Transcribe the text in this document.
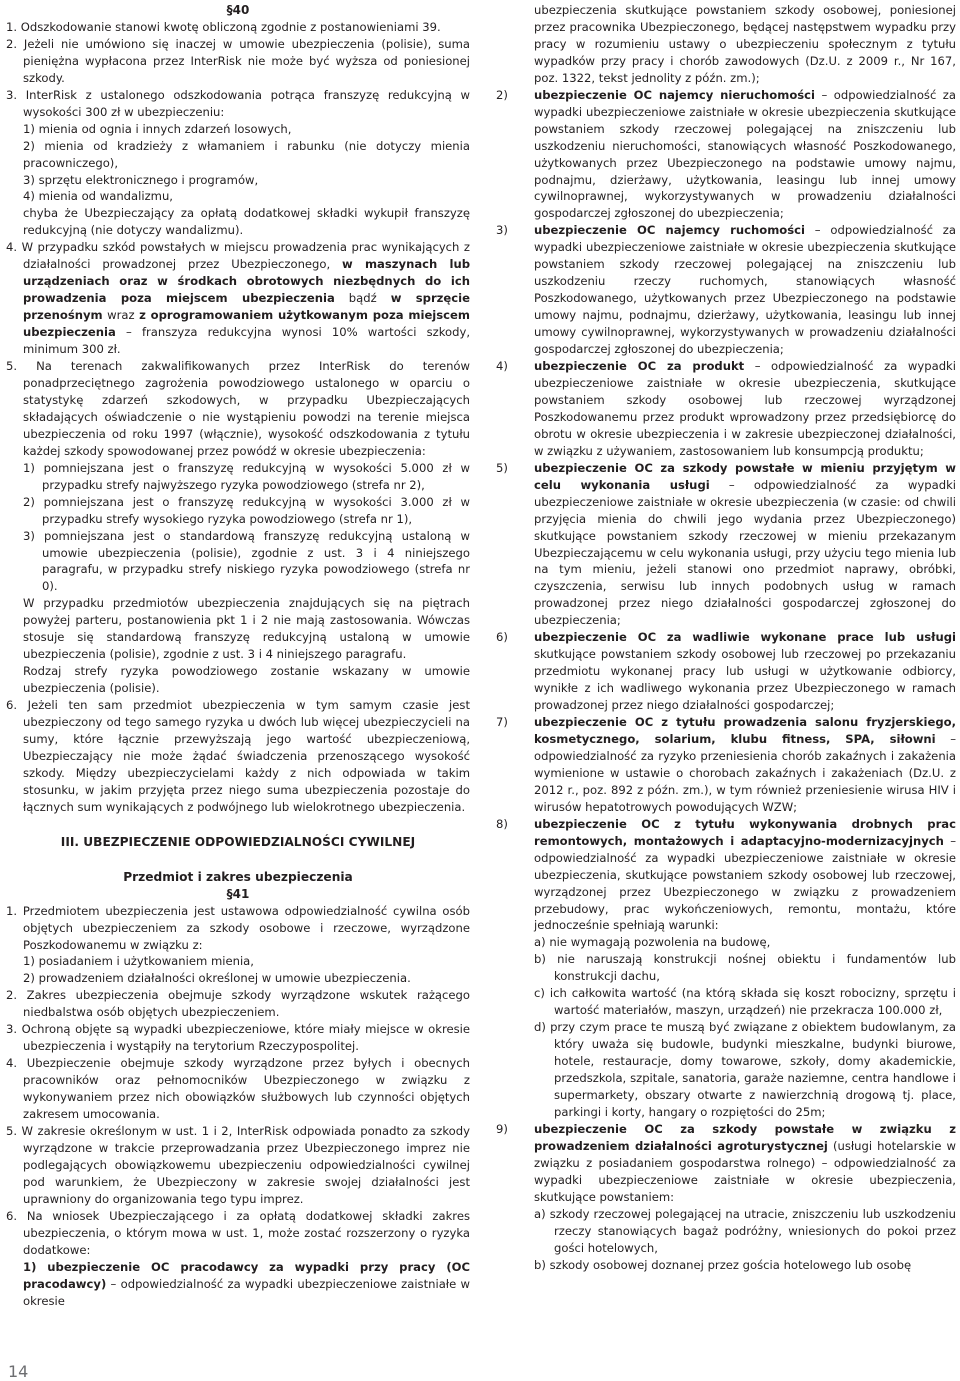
§40

1. Odszkodowanie stanowi kwotę obliczoną zgodnie z postanowieniami 39.

2. Jeżeli nie umówiono się inaczej w umowie ubezpieczenia (polisie), suma pieniężna wypłacona przez InterRisk nie może być wyższa od poniesionej szkody.

3. InterRisk z ustalonego odszkodowania potrąca franszyzę redukcyjną w wysokości 300 zł w ubezpieczeniu:

1) mienia od ognia i innych zdarzeń losowych,

2) mienia od kradzieży z włamaniem i rabunku (nie dotyczy mienia pracowniczego),

3) sprzętu elektronicznego i programów,

4) mienia od wandalizmu,

chyba że Ubezpieczający za opłatą dodatkowej składki wykupił franszyzę redukcyjną (nie dotyczy wandalizmu).

4. W przypadku szkód powstałych w miejscu prowadzenia prac wynikających z działalności prowadzonej przez Ubezpieczonego, w maszynach lub urządzeniach oraz w środkach obrotowych niezbędnych do ich prowadzenia poza miejscem ubezpieczenia bądź w sprzęcie przenośnym wraz z oprogramowaniem użytkowanym poza miejscem ubezpieczenia – franszyza redukcyjna wynosi 10% wartości szkody, minimum 300 zł.

5. Na terenach zakwalifikowanych przez InterRisk do terenów ponadprzeciętnego zagrożenia powodziowego ustalonego w oparciu o statystykę zdarzeń szkodowych, w przypadku Ubezpieczających składających oświadczenie o nie wystąpieniu powodzi na terenie miejsca ubezpieczenia od roku 1997 (włącznie), wysokość odszkodowania z tytułu każdej szkody spowodowanej przez powódź w okresie ubezpieczenia:

1) pomniejszana jest o franszyzę redukcyjną w wysokości 5.000 zł w przypadku strefy najwyższego ryzyka powodziowego (strefa nr 2),

2) pomniejszana jest o franszyzę redukcyjną w wysokości 3.000 zł w przypadku strefy wysokiego ryzyka powodziowego (strefa nr 1),

3) pomniejszana jest o standardową franszyzę redukcyjną ustaloną w umowie ubezpieczenia (polisie), zgodnie z ust. 3 i 4 niniejszego paragrafu, w przypadku strefy niskiego ryzyka powodziowego (strefa nr 0).

W przypadku przedmiotów ubezpieczenia znajdujących się na piętrach powyżej parteru, postanowienia pkt 1 i 2 nie mają zastosowania. Wówczas stosuje się standardową franszyzę redukcyjną ustaloną w umowie ubezpieczenia (polisie), zgodnie z ust. 3 i 4 niniejszego paragrafu.

Rodzaj strefy ryzyka powodziowego zostanie wskazany w umowie ubezpieczenia (polisie).

6. Jeżeli ten sam przedmiot ubezpieczenia w tym samym czasie jest ubezpieczony od tego samego ryzyka u dwóch lub więcej ubezpieczycieli na sumy, które łącznie przewyższają jego wartość ubezpieczeniową, Ubezpieczający nie może żądać świadczenia przenoszącego wysokość szkody. Między ubezpieczycielami każdy z nich odpowiada w takim stosunku, w jakim przyjęta przez niego suma ubezpieczenia pozostaje do łącznych sum wynikających z podwójnego lub wielokrotnego ubezpieczenia.

III. UBEZPIECZENIE ODPOWIEDZIALNOŚCI CYWILNEJ

Przedmiot i zakres ubezpieczenia

§41

1. Przedmiotem ubezpieczenia jest ustawowa odpowiedzialność cywilna osób objętych ubezpieczeniem za szkody osobowe i rzeczowe, wyrządzone Poszkodowanemu w związku z:

1) posiadaniem i użytkowaniem mienia,

2) prowadzeniem działalności określonej w umowie ubezpieczenia.

2. Zakres ubezpieczenia obejmuje szkody wyrządzone wskutek rażącego niedbalstwa osób objętych ubezpieczeniem.

3. Ochroną objęte są wypadki ubezpieczeniowe, które miały miejsce w okresie ubezpieczenia i wystąpiły na terytorium Rzeczypospolitej.

4. Ubezpieczenie obejmuje szkody wyrządzone przez byłych i obecnych pracowników oraz pełnomocników Ubezpieczonego w związku z wykonywaniem przez nich obowiązków służbowych lub czynności objętych zakresem umocowania.

5. W zakresie określonym w ust. 1 i 2, InterRisk odpowiada ponadto za szkody wyrządzone w trakcie przeprowadzania przez Ubezpieczonego imprez nie podlegających obowiązkowemu ubezpieczeniu odpowiedzialności cywilnej pod warunkiem, że Ubezpieczony w zakresie swojej działalności jest uprawniony do organizowania tego typu imprez.

6. Na wniosek Ubezpieczającego i za opłatą dodatkowej składki zakres ubezpieczenia, o którym mowa w ust. 1, może zostać rozszerzony o ryzyka dodatkowe:

1) ubezpieczenie OC pracodawcy za wypadki przy pracy (OC pracodawcy) – odpowiedzialność za wypadki ubezpieczeniowe zaistniałe w okresie

ubezpieczenia skutkujące powstaniem szkody osobowej, poniesionej przez pracownika Ubezpieczonego, będącej następstwem wypadku przy pracy w rozumieniu ustawy o ubezpieczeniu społecznym z tytułu wypadków przy pracy i chorób zawodowych (Dz.U. z 2009 r., Nr 167, poz. 1322, tekst jednolity z późn. zm.);

2) ubezpieczenie OC najemcy nieruchomości – odpowiedzialność za wypadki ubezpieczeniowe zaistniałe w okresie ubezpieczenia skutkujące powstaniem szkody rzeczowej polegającej na zniszczeniu lub uszkodzeniu nieruchomości, stanowiących własność Poszkodowanego, użytkowanych przez Ubezpieczonego na podstawie umowy najmu, podnajmu, dzierżawy, użytkowania, leasingu lub innej umowy cywilnoprawnej, wykorzystywanych w prowadzeniu działalności gospodarczej zgłoszonej do ubezpieczenia;

3) ubezpieczenie OC najemcy ruchomości – odpowiedzialność za wypadki ubezpieczeniowe zaistniałe w okresie ubezpieczenia skutkujące powstaniem szkody rzeczowej polegającej na zniszczeniu lub uszkodzeniu rzeczy ruchomych, stanowiących własność Poszkodowanego, użytkowanych przez Ubezpieczonego na podstawie umowy najmu, podnajmu, dzierżawy, użytkowania, leasingu lub innej umowy cywilnoprawnej, wykorzystywanych w prowadzeniu działalności gospodarczej zgłoszonej do ubezpieczenia;

4) ubezpieczenie OC za produkt – odpowiedzialność za wypadki ubezpieczeniowe zaistniałe w okresie ubezpieczenia, skutkujące powstaniem szkody osobowej lub rzeczowej wyrządzonej Poszkodowanemu przez produkt wprowadzony przez przedsiębiorcę do obrotu w okresie ubezpieczenia i w zakresie ubezpieczonej działalności, w związku z używaniem, zastosowaniem lub konsumpcją produktu;

5) ubezpieczenie OC za szkody powstałe w mieniu przyjętym w celu wykonania usługi – odpowiedzialność za wypadki ubezpieczeniowe zaistniałe w okresie ubezpieczenia (w czasie: od chwili przyjęcia mienia do chwili jego wydania przez Ubezpieczonego) skutkujące powstaniem szkody rzeczowej w mieniu przekazanym Ubezpieczającemu w celu wykonania usługi, przy użyciu tego mienia lub na tym mieniu, jeżeli stanowi ono przedmiot naprawy, obróbki, czyszczenia, serwisu lub innych podobnych usług w ramach prowadzonej przez niego działalności gospodarczej zgłoszonej do ubezpieczenia;

6) ubezpieczenie OC za wadliwie wykonane prace lub usługi skutkujące powstaniem szkody osobowej lub rzeczowej po przekazaniu przedmiotu wykonanej pracy lub usługi w użytkowanie odbiorcy, wynikłe z ich wadliwego wykonania przez Ubezpieczonego w ramach prowadzonej przez niego działalności gospodarczej;

7) ubezpieczenie OC z tytułu prowadzenia salonu fryzjerskiego, kosmetycznego, solarium, klubu fitness, SPA, siłowni – odpowiedzialność za ryzyko przeniesienia chorób zakaźnych i zakażenia wymienione w ustawie o chorobach zakaźnych i zakażeniach (Dz.U. z 2012 r., poz. 892 z późn. zm.), w tym również przeniesienie wirusa HIV i wirusów hepatotrowych powodujących WZW;

8) ubezpieczenie OC z tytułu wykonywania drobnych prac remontowych, montażowych i adaptacyjno-modernizacyjnych – odpowiedzialność za wypadki ubezpieczeniowe zaistniałe w okresie ubezpieczenia, skutkujące powstaniem szkody osobowej lub rzeczowej, wyrządzonej przez Ubezpieczonego w związku z prowadzeniem przebudowy, prac wykończeniowych, remontu, montażu, które jednocześnie spełniają warunki:

a) nie wymagają pozwolenia na budowę,

b) nie naruszają konstrukcji nośnej obiektu i fundamentów lub konstrukcji dachu,

c) ich całkowita wartość (na którą składa się koszt robocizny, sprzętu i wartość materiałów, maszyn, urządzeń) nie przekracza 100.000 zł,

d) przy czym prace te muszą być związane z obiektem budowlanym, za który uważa się budowle, budynki mieszkalne, budynki biurowe, hotele, restauracje, domy towarowe, szkoły, domy akademickie, przedszkola, szpitale, sanatoria, garaże naziemne, centra handlowe i supermarkety, obszary otwarte z nawierzchnią drogową tj. place, parkingi i korty, hangary o rozpiętości do 25m;

9) ubezpieczenie OC za szkody powstałe w związku z prowadzeniem działalności agroturystycznej (usługi hotelarskie w związku z posiadaniem gospodarstwa rolnego) – odpowiedzialność za wypadki ubezpieczeniowe zaistniałe w okresie ubezpieczenia, skutkujące powstaniem:

a) szkody rzeczowej polegającej na utracie, zniszczeniu lub uszkodzeniu rzeczy stanowiących bagaż podróżny, wniesionych do pokoi przez gości hotelowych,

b) szkody osobowej doznanej przez gościa hotelowego lub osobę

14
